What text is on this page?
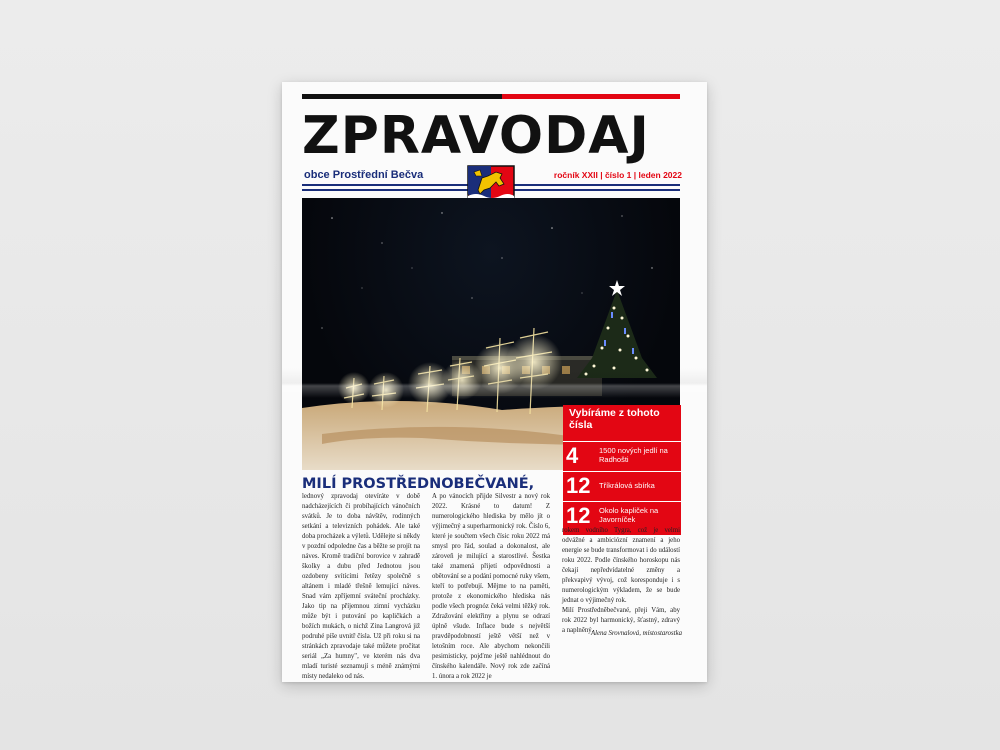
ZPRAVODAJ
obce Prostřední Bečva	ročník XXII | číslo 1 | leden 2022
Vybíráme z tohoto čísla
4	1500 nových jedlí na Radhošti
12 Tříkrálová sbírka
12 Okolo kapliček na Javorníček
MILÍ PROSTŘEDNOBEČVANÉ,
lednový zpravodaj otevíráte v době nadcházejících či probíhajících vánočních svátků. Je to doba návštěv, rodinných setkání a televizních pohádek. Ale také doba procházek a výletů. Udělejte si někdy v pozdní odpoledne čas a běžte se projít na náves. Kromě tradiční borovice v zahradě školky a dubu před Jednotou jsou ozdobeny svítícími řetězy společně s altánem i mladé třešně lemující náves. Snad vám zpříjemní sváteční procházky. Jako tip na příjemnou zimní vycházku může být i putování po kapličkách a božích mukách, o nichž Zina Langrová již podruhé píše uvnitř čísla. Už při roku si na stránkách zpravodaje také můžete pročítat seriál „Za humny", ve kterém nás dva mladí turisté seznamují s méně známými místy nedaleko od nás.
A po vánocích přijde Silvestr a nový rok 2022. Krásné to datum! Z numerologického hlediska by mělo jít o výjimečný a superharmonický rok. Číslo 6, které je součtem všech čísic roku 2022 má smysl pro řád, soulad a dokonalost, ale zároveň je milující a starostlivé. Šestka také znamená přijetí odpovědnosti a obětování se a podání pomocné ruky všem, kteří to potřebují. Mějme to na paměti, protože z ekonomického hlediska nás podle všech prognóz čeká velmi těžký rok. Zdražování elektřiny a plynu se odrazí úplně všude. Inflace bude s největší pravděpodobností ještě větší než v letošním roce. Ale abychom nekončili pesimisticky, pojďme ještě nahlédnout do čínského kalendáře. Nový rok zde začíná 1. února a rok 2022 je
rokem vodního Tygra, což je velmi odvážné a ambiciózní znamení a jeho energie se bude transformovat i do událostí roku 2022. Podle čínského horoskopu nás čekají nepředvídatelné změny a překvapivý vývoj, což koresponduje i s numerologickým výkladem, že se bude jednat o výjimečný rok.
Milí Prostředněbečvané, přeji Vám, aby rok 2022 byl harmonický, šťastný, zdravý a naplněný.
Alena Srovnalová, místostarostka
